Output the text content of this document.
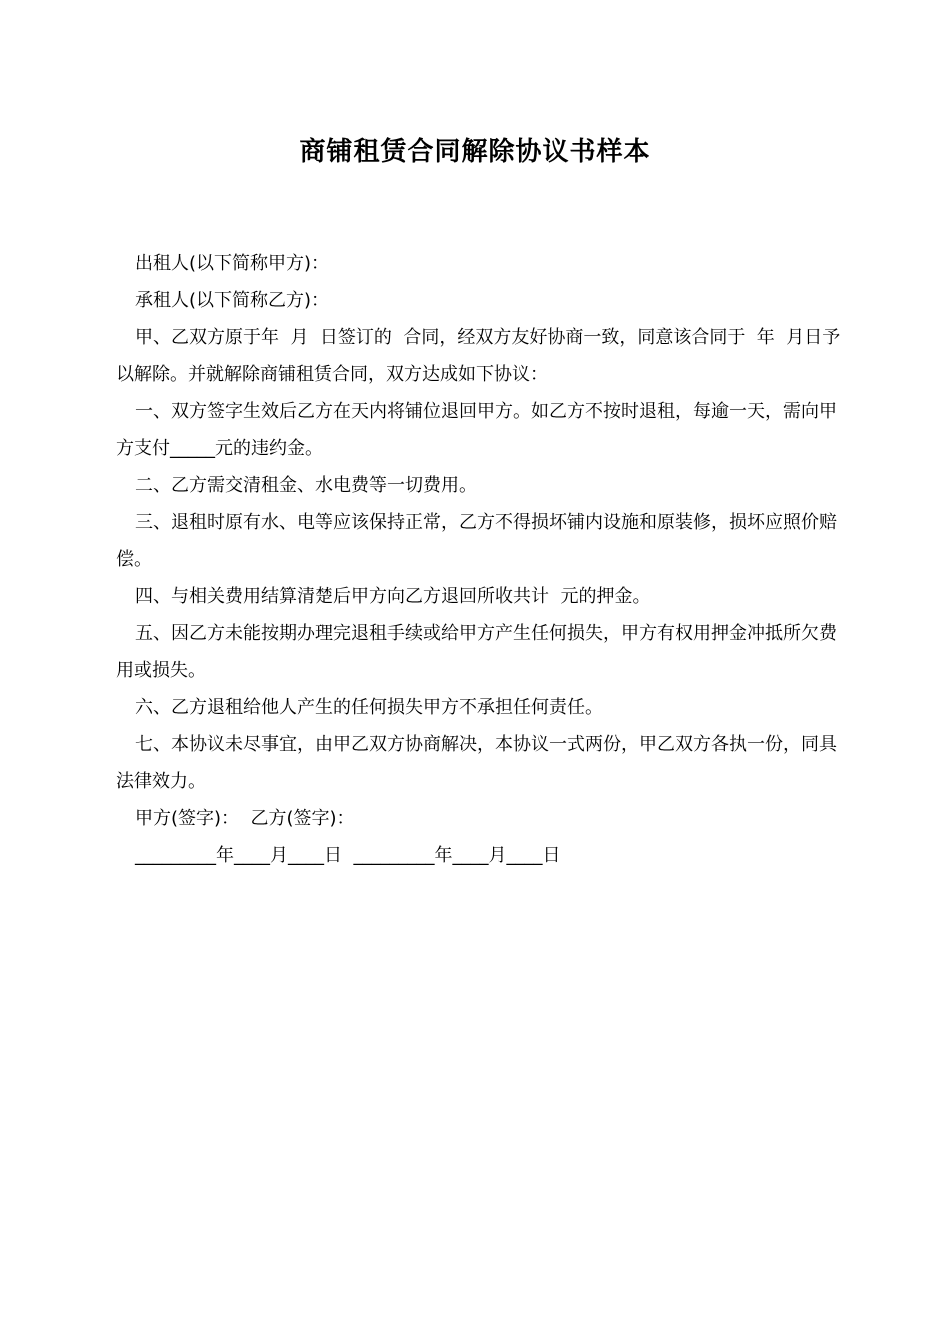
商铺租赁合同解除协议书样本

出租人(以下简称甲方)：

承租人(以下简称乙方)：

甲、乙双方原于年  月  日签订的  合同，经双方友好协商一致，同意该合同于  年  月日予以解除。并就解除商铺租赁合同，双方达成如下协议：

一、双方签字生效后乙方在天内将铺位退回甲方。如乙方不按时退租，每逾一天，需向甲方支付_____元的违约金。

二、乙方需交清租金、水电费等一切费用。

三、退租时原有水、电等应该保持正常，乙方不得损坏铺内设施和原装修，损坏应照价赔偿。

四、与相关费用结算清楚后甲方向乙方退回所收共计  元的押金。

五、因乙方未能按期办理完退租手续或给甲方产生任何损失，甲方有权用押金冲抵所欠费用或损失。

六、乙方退租给他人产生的任何损失甲方不承担任何责任。

七、本协议未尽事宜，由甲乙双方协商解决，本协议一式两份，甲乙双方各执一份，同具法律效力。

甲方(签字)：  乙方(签字)：

_________年____月____日  _________年____月____日
